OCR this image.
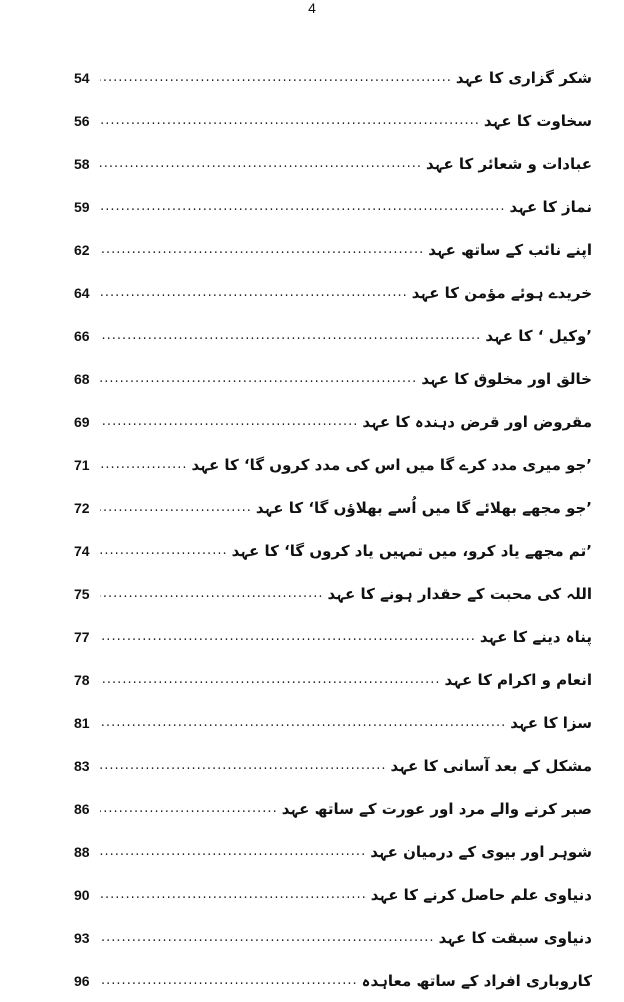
4
54 .....	شکر گزاری کا عہد
56 .....	سخاوت کا عہد
58 .....	عبادات و شعائر کا عہد
59 .....	نماز کا عہد
62 .....	اپنے نائب کے ساتھ عہد
64 .....	خریدے ہوئے مؤمن کا عہد
66 .....	’وکیل ‘ کا عہد
68 .....	خالق اور مخلوق کا عہد
69 .....	مقروض اور قرض دہندہ کا عہد
71 .....	’جو میری مدد کرے گا میں اس کی مدد کروں گا‘ کا عہد
72 .....	’جو مجھے بھلائے گا میں اُسے بھلاؤں گا‘ کا عہد
74 .....	’تم مجھے یاد کرو، میں تمہیں یاد کروں گا‘ کا عہد
75 .....	اللہ کی محبت کے حقدار ہونے کا عہد
77 .....	پناہ دینے کا عہد
78 .....	انعام و اکرام کا عہد
81 .....	سزا کا عہد
83 .....	مشکل کے بعد آسانی کا عہد
86 .....	صبر کرنے والے مرد اور عورت کے ساتھ عہد
88 .....	شوہر اور بیوی کے درمیان عہد
90 .....	دنیاوی علم حاصل کرنے کا عہد
93 .....	دنیاوی سبقت کا عہد
96 .....	کاروباری افراد کے ساتھ معاہدہ
